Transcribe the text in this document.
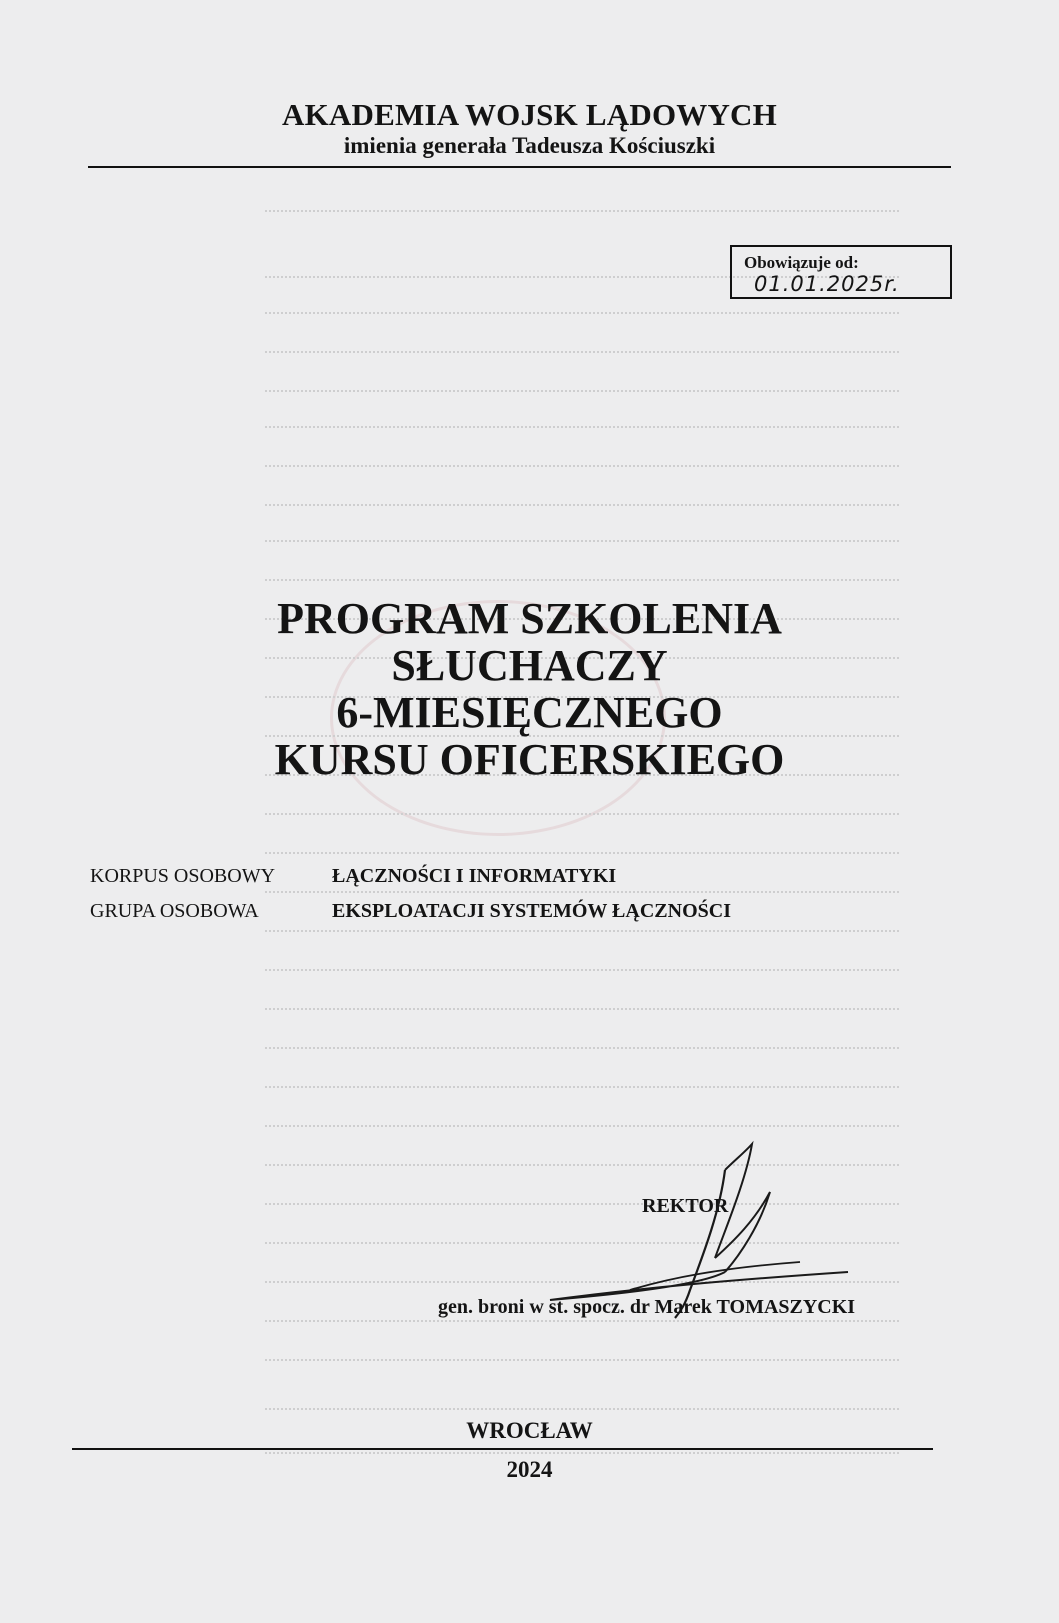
AKADEMIA WOJSK LĄDOWYCH
imienia generała Tadeusza Kościuszki
Obowiązuje od:
01.01.2025r.
PROGRAM SZKOLENIA
SŁUCHACZY
6-MIESIĘCZNEGO
KURSU OFICERSKIEGO
KORPUS OSOBOWY	ŁĄCZNOŚCI I INFORMATYKI
GRUPA OSOBOWA	EKSPLOATACJI SYSTEMÓW ŁĄCZNOŚCI
REKTOR
gen. broni w st. spocz. dr Marek TOMASZYCKI
WROCŁAW
2024
